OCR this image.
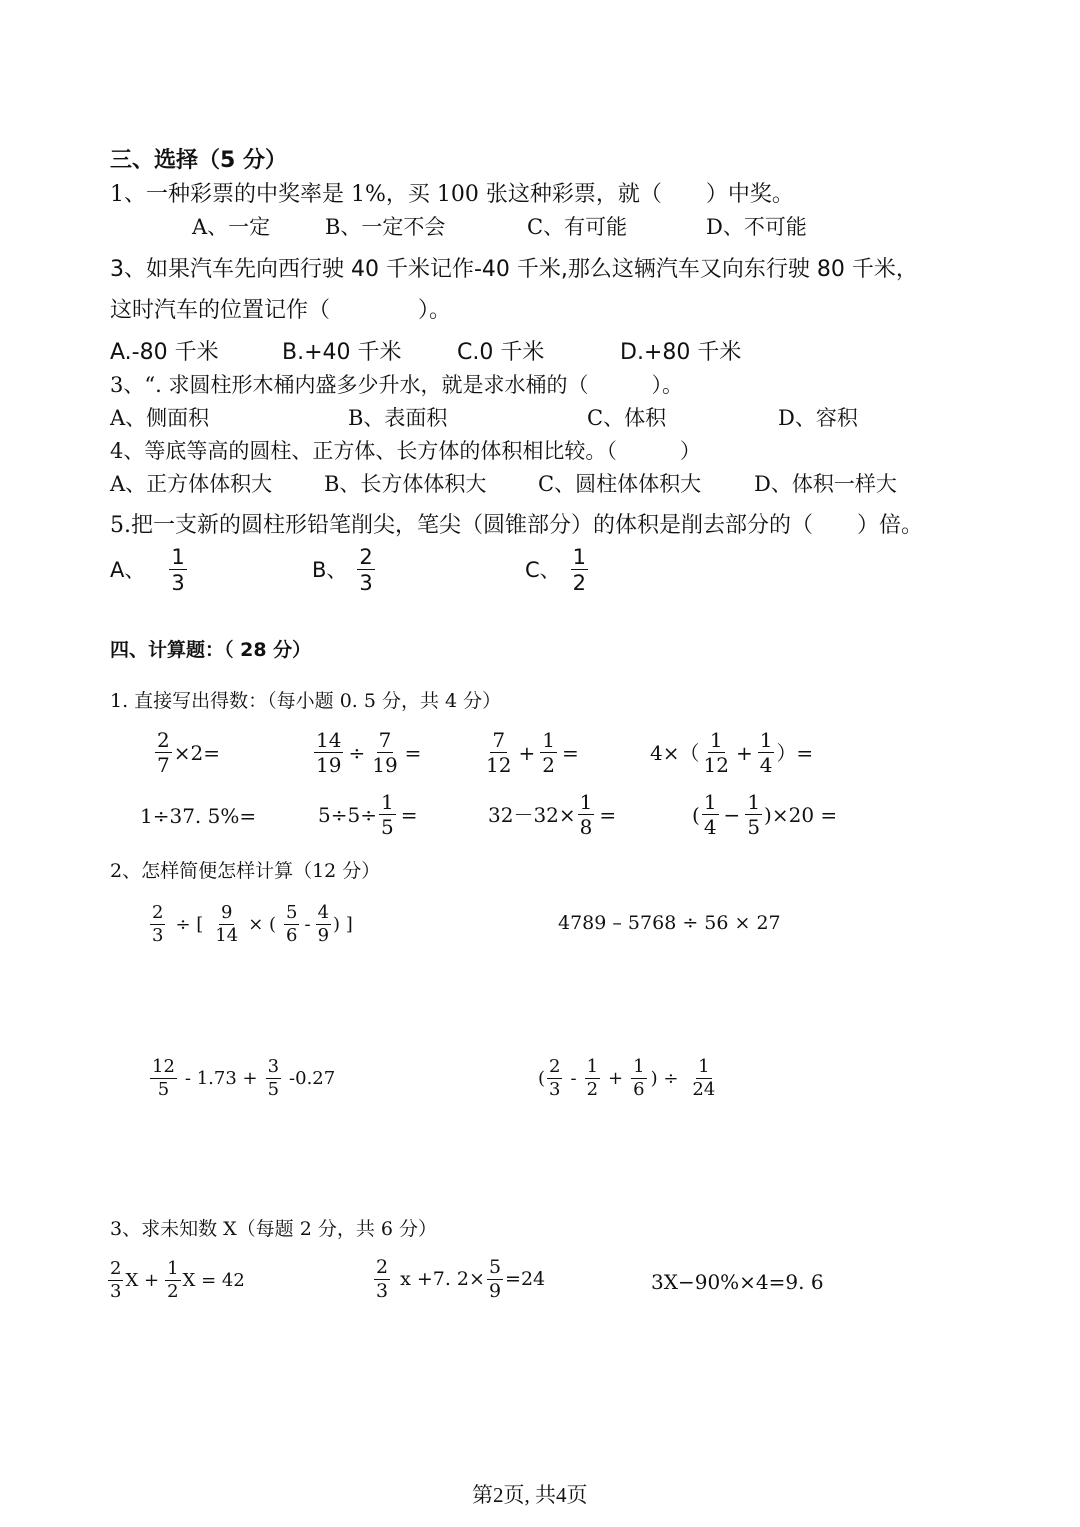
三、选择（5 分）
1、一种彩票的中奖率是 1%，买 100 张这种彩票，就（　　）中奖。
A、一定	B、一定不会	C、有可能	D、不可能
3、如果汽车先向西行驶 40 千米记作-40 千米,那么这辆汽车又向东行驶 80 千米，
这时汽车的位置记作（　　　　）。
A.-80 千米	B.+40 千米	C.0 千米	D.+80 千米
3、“. 求圆柱形木桶内盛多少升水，就是求水桶的（　　　）。
A、侧面积	B、表面积	C、体积	D、容积
4、等底等高的圆柱、正方体、长方体的体积相比较。（　　　）
A、正方体体积大 B、长方体体积大 C、圆柱体体积大	D、体积一样大
5.把一支新的圆柱形铅笔削尖，笔尖（圆锥部分）的体积是削去部分的（　　）倍。
A、 $\frac{1}{3}$	B、 $\frac{2}{3}$	C、 $\frac{1}{2}$
四、计算题：（ 28 分）
1. 直接写出得数：（每小题 0. 5 分，共 4 分）
$\frac{2}{7} \times 2=$	$\frac{14}{19} \div \frac{7}{19}$ =	$\frac{7}{12} + \frac{1}{2}$ =	$4\times( \frac{1}{12} + \frac{1}{4}$ ）=
1÷37. 5%=	$5\div 5\div \frac{1}{5}$ =	$32-32\times \frac{1}{8}$ =	( $\frac{1}{4} - \frac{1}{5} )\times 20$ =
2、怎样简便怎样计算（12 分）
$\frac{2}{3}$ ÷ [ $\frac{9}{14}$ × ( $\frac{5}{6} - \frac{4}{9}$ ) ]	4789 – 5768 ÷ 56 × 27
$\frac{12}{5} - 1.73 + \frac{3}{5} -0.27$	( $\frac{2}{3} - \frac{1}{2} + \frac{1}{6}$ ) ÷ $\frac{1}{24}$
3、求未知数 X（每题 2 分，共 6 分）
$\frac{2}{3}$ $X + \frac{1}{2}$ X = 42	$\frac{2}{3}$ x +7. $2\times \frac{5}{9} =24$	3X−90%×4=9. 6
第2页, 共4页
